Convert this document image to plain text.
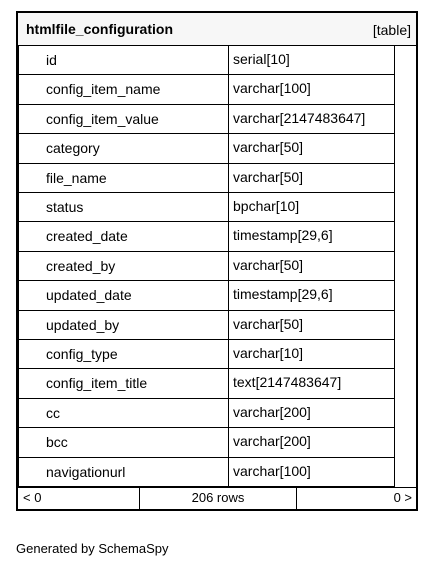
htmlfile_configuration	[table]
id	serial[10]
config_item_name	varchar[100]
config_item_value	varchar[2147483647]
category	varchar[50]
file_name	varchar[50]
status	bpchar[10]
created_date	timestamp[29,6]
created_by	varchar[50]
updated_date	timestamp[29,6]
updated_by	varchar[50]
config_type	varchar[10]
config_item_title	text[2147483647]
cc	varchar[200]
bcc	varchar[200]
navigationurl	varchar[100]
< 0	206 rows	0 >
Generated by SchemaSpy
